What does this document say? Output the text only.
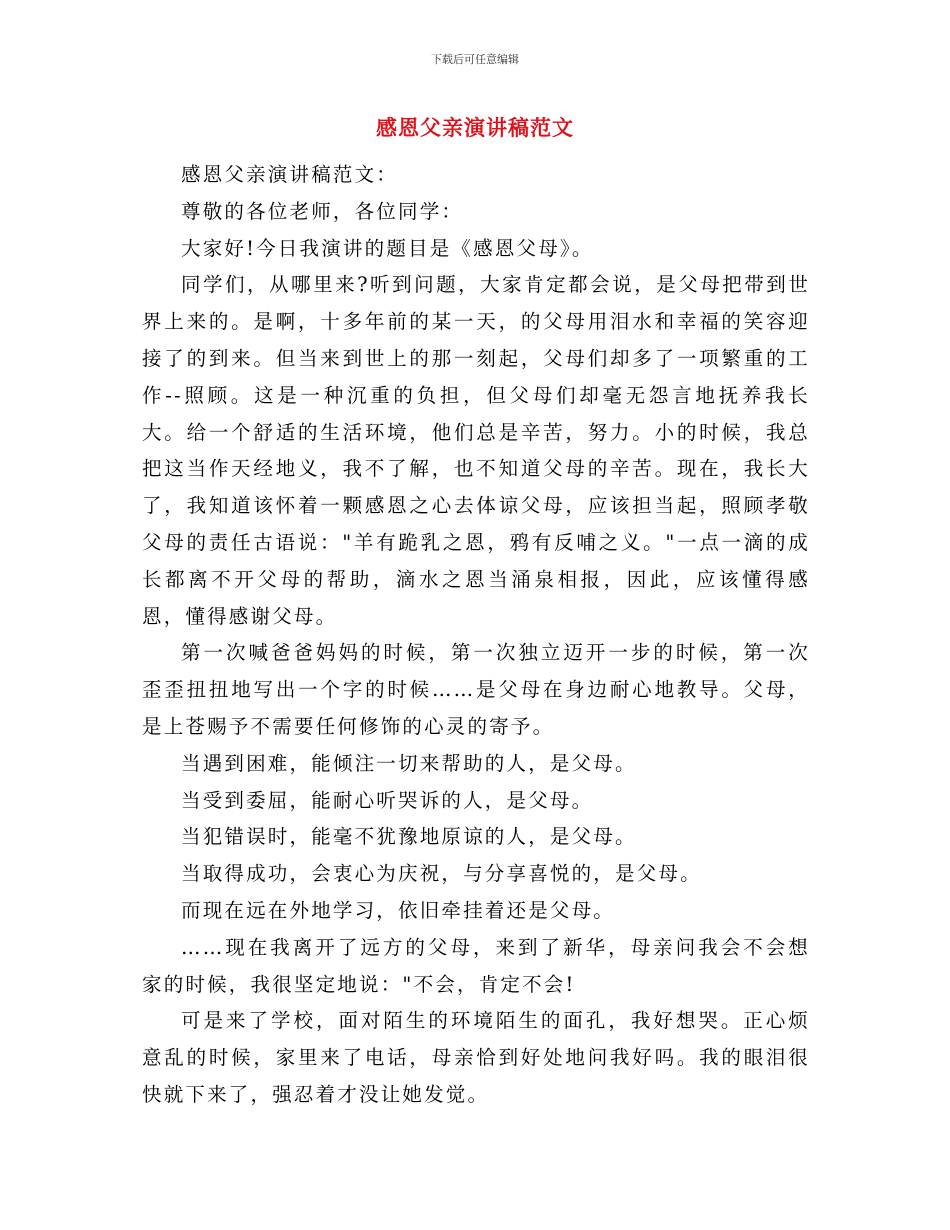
下载后可任意编辑
感恩父亲演讲稿范文

感恩父亲演讲稿范文：

尊敬的各位老师，各位同学：

大家好!今日我演讲的题目是《感恩父母》。

同学们，从哪里来?听到问题，大家肯定都会说，是父母把带到世界上来的。是啊，十多年前的某一天，的父母用泪水和幸福的笑容迎接了的到来。但当来到世上的那一刻起，父母们却多了一项繁重的工作--照顾。这是一种沉重的负担，但父母们却毫无怨言地抚养我长大。给一个舒适的生活环境，他们总是辛苦，努力。小的时候，我总把这当作天经地义，我不了解，也不知道父母的辛苦。现在，我长大了，我知道该怀着一颗感恩之心去体谅父母，应该担当起，照顾孝敬父母的责任古语说："羊有跪乳之恩，鸦有反哺之义。"一点一滴的成长都离不开父母的帮助，滴水之恩当涌泉相报，因此，应该懂得感恩，懂得感谢父母。

第一次喊爸爸妈妈的时候，第一次独立迈开一步的时候，第一次歪歪扭扭地写出一个字的时候……是父母在身边耐心地教导。父母，是上苍赐予不需要任何修饰的心灵的寄予。

当遇到困难，能倾注一切来帮助的人，是父母。

当受到委屈，能耐心听哭诉的人，是父母。

当犯错误时，能毫不犹豫地原谅的人，是父母。

当取得成功，会衷心为庆祝，与分享喜悦的，是父母。

而现在远在外地学习，依旧牵挂着还是父母。

……现在我离开了远方的父母，来到了新华，母亲问我会不会想家的时候，我很坚定地说："不会，肯定不会!

可是来了学校，面对陌生的环境陌生的面孔，我好想哭。正心烦意乱的时候，家里来了电话，母亲恰到好处地问我好吗。我的眼泪很快就下来了，强忍着才没让她发觉。
